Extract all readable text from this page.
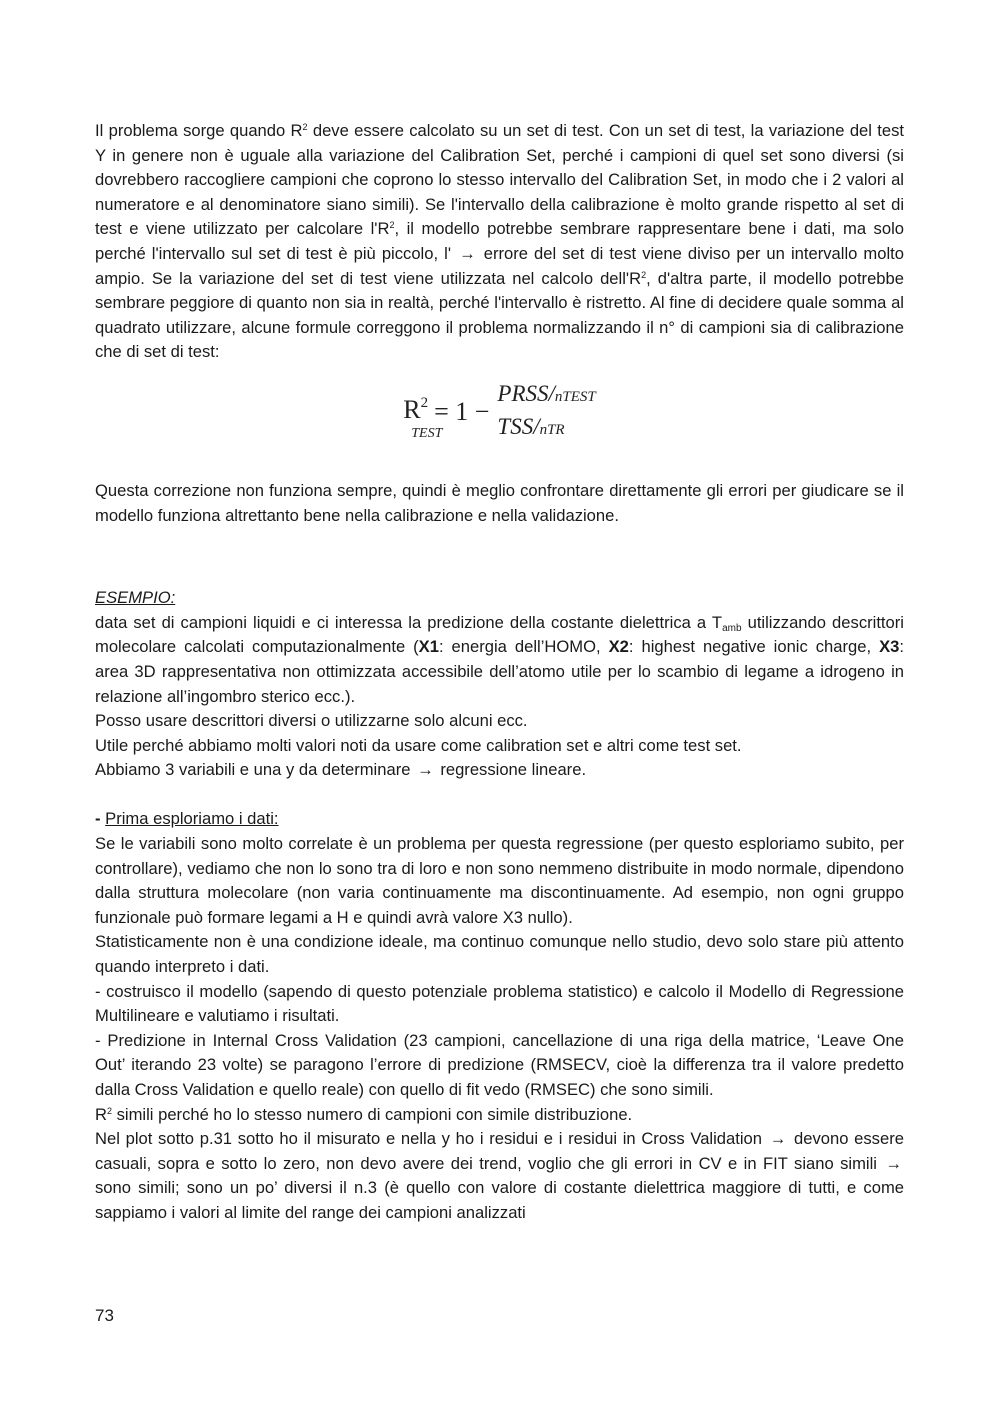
Il problema sorge quando $R^2$ deve essere calcolato su un set di test. Con un set di test, la variazione del test Y in genere non è uguale alla variazione del Calibration Set, perché i campioni di quel set sono diversi (si dovrebbero raccogliere campioni che coprono lo stesso intervallo del Calibration Set, in modo che i 2 valori al numeratore e al denominatore siano simili). Se l'intervallo della calibrazione è molto grande rispetto al set di test e viene utilizzato per calcolare $l'R^2$, il modello potrebbe sembrare rappresentare bene i dati, ma solo perché l'intervallo sul set di test è più piccolo, l' → errore del set di test viene diviso per un intervallo molto ampio. Se la variazione del set di test viene utilizzata nel calcolo $dell'R^2$, d'altra parte, il modello potrebbe sembrare peggiore di quanto non sia in realtà, perché l'intervallo è ristretto. Al fine di decidere quale somma al quadrato utilizzare, alcune formule correggono il problema normalizzando il n° di campioni sia di calibrazione che di set di test:

$R^2$
TEST
= 1 −
PRSS/nTEST
TSS/nTR

Questa correzione non funziona sempre, quindi è meglio confrontare direttamente gli errori per giudicare se il modello funziona altrettanto bene nella calibrazione e nella validazione.

ESEMPIO:

data set di campioni liquidi e ci interessa la predizione della costante dielettrica a $T_{amb}$ utilizzando descrittori molecolare calcolati computazionalmente (X1: energia dell’HOMO, X2: highest negative ionic charge, X3: area 3D rappresentativa non ottimizzata accessibile dell’atomo utile per lo scambio di legame a idrogeno in relazione all’ingombro sterico ecc.).

Posso usare descrittori diversi o utilizzarne solo alcuni ecc.

Utile perché abbiamo molti valori noti da usare come calibration set e altri come test set.

Abbiamo 3 variabili e una y da determinare → regressione lineare.

- Prima esploriamo i dati:

Se le variabili sono molto correlate è un problema per questa regressione (per questo esploriamo subito, per controllare), vediamo che non lo sono tra di loro e non sono nemmeno distribuite in modo normale, dipendono dalla struttura molecolare (non varia continuamente ma discontinuamente. Ad esempio, non ogni gruppo funzionale può formare legami a H e quindi avrà valore X3 nullo).

Statisticamente non è una condizione ideale, ma continuo comunque nello studio, devo solo stare più attento quando interpreto i dati.

- costruisco il modello (sapendo di questo potenziale problema statistico) e calcolo il Modello di Regressione Multilineare e valutiamo i risultati.

- Predizione in Internal Cross Validation (23 campioni, cancellazione di una riga della matrice, ‘Leave One Out’ iterando 23 volte) se paragono l’errore di predizione (RMSECV, cioè la differenza tra il valore predetto dalla Cross Validation e quello reale) con quello di fit vedo (RMSEC) che sono simili.

$R^2$ simili perché ho lo stesso numero di campioni con simile distribuzione.

Nel plot sotto p.31 sotto ho il misurato e nella y ho i residui e i residui in Cross Validation → devono essere casuali, sopra e sotto lo zero, non devo avere dei trend, voglio che gli errori in CV e in FIT siano simili → sono simili; sono un po’ diversi il n.3 (è quello con valore di costante dielettrica maggiore di tutti, e come sappiamo i valori al limite del range dei campioni analizzati

73
